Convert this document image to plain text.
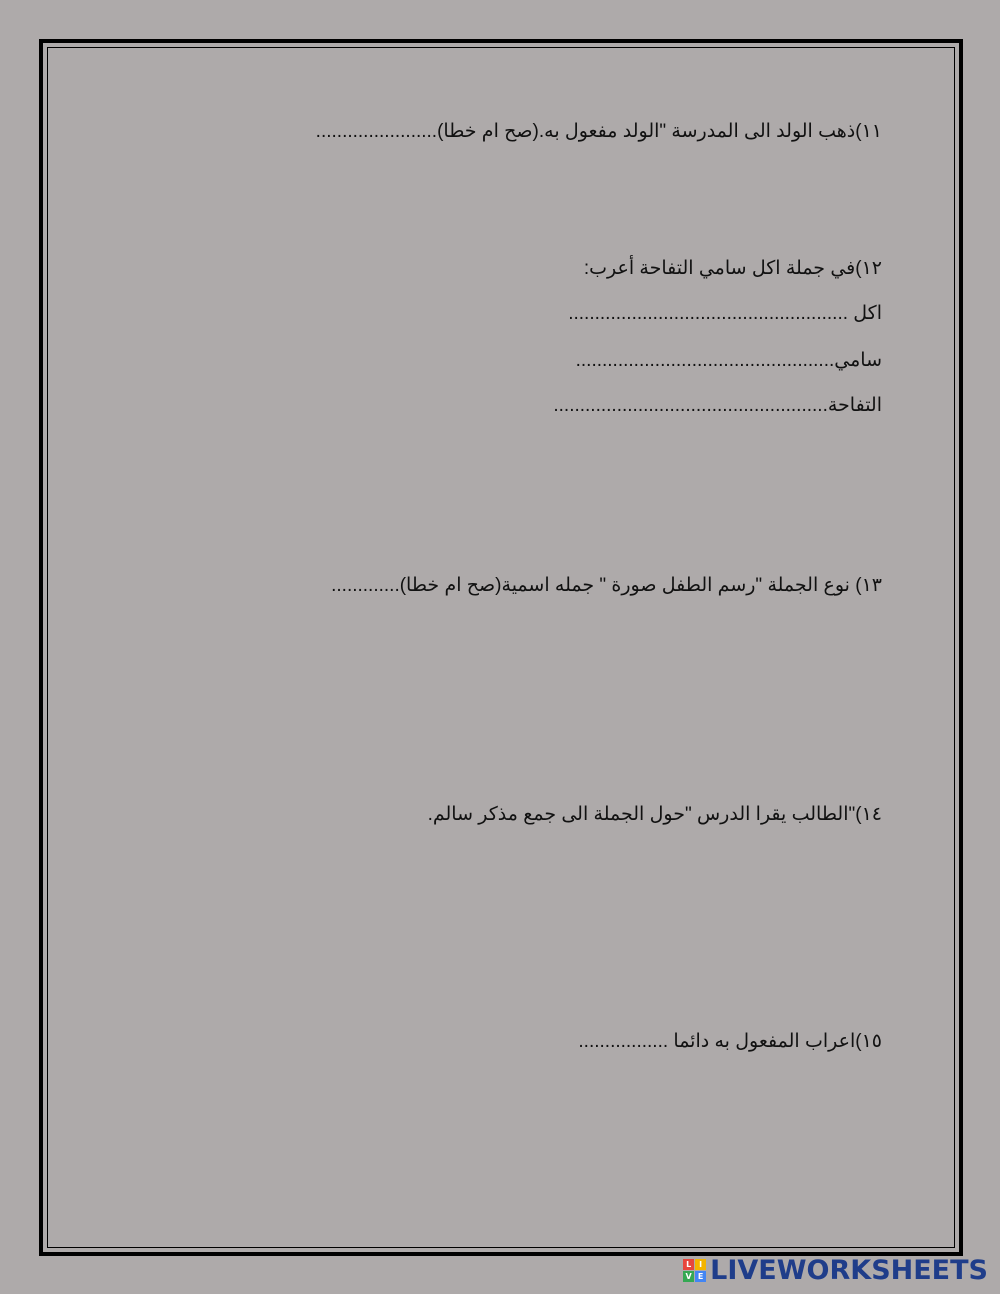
١١)ذهب الولد الى المدرسة "الولد مفعول به.(صح ام خطا).......................
١٢)في جملة اكل سامي التفاحة أعرب:
اكل .....................................................
سامي.................................................
التفاحة....................................................
١٣) نوع الجملة "رسم الطفل صورة " جمله اسمية(صح ام خطا).............
١٤)"الطالب يقرا الدرس "حول الجملة الى جمع مذكر سالم.
١٥)اعراب المفعول به دائما .................
L I
V E LIVEWORKSHEETS
